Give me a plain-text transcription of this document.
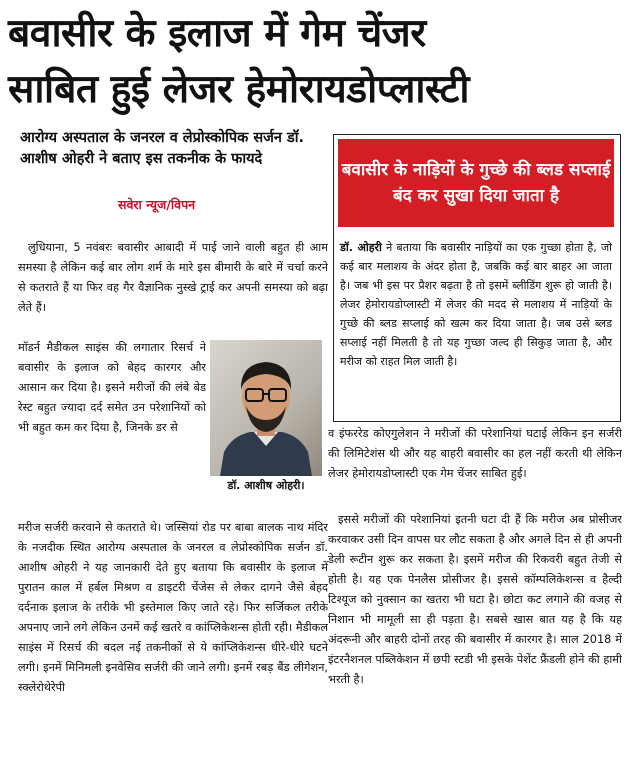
बवासीर के इलाज में गेम चेंजर
साबित हुई लेजर हेमोरायडोप्लास्टी

आरोग्य अस्पताल के जनरल व लेप्रोस्कोपिक सर्जन डॉ. आशीष ओहरी ने बताए इस तकनीक के फायदे

सवेरा न्यूज/विपन

लुधियाना, 5 नवंबरः बवासीर आबादी में पाई जाने वाली बहुत ही आम समस्या है लेकिन कई बार लोग शर्म के मारे इस बीमारी के बारे में चर्चा करने से कतराते हैं या फिर वह गैर वैज्ञानिक नुस्खे ट्राई कर अपनी समस्या को बढ़ा लेते हैं।

मॉडर्न मैडीकल साइंस की लगातार रिसर्च ने बवासीर के इलाज को बेहद कारगर और आसान कर दिया है। इसने मरीजों की लंबे बेड रेस्ट बहुत ज्यादा दर्द समेत उन परेशानियों को भी बहुत कम कर दिया है, जिनके डर से

डॉ. आशीष ओहरी।

मरीज सर्जरी करवाने से कतराते थे। जस्सियां रोड पर बाबा बालक नाथ मंदिर के नजदीक स्थित आरोग्य अस्पताल के जनरल व लेप्रोस्कोपिक सर्जन डॉ. आशीष ओहरी ने यह जानकारी देते हुए बताया कि बवासीर के इलाज में पुरातन काल में हर्बल मिश्रण व डाइटरी चेंजेस से लेकर दागने जैसे बेहद दर्दनाक इलाज के तरीके भी इस्तेमाल किए जाते रहे। फिर सर्जिकल तरीके अपनाए जाने लगे लेकिन उनमें कई खतरे व कांप्लिकेशन्स होती रही। मैडीकल साइंस में रिसर्च की बदल नई तकनीकों से ये कांप्लिकेशन्स धीरे-धीरे घटने लगी। इनमें मिनिमली इनवेसिव सर्जरी की जाने लगी। इनमें रबड़ बैंड लीगेशन, स्क्लेरोथेरेपी

बवासीर के नाड़ियों के गुच्छे की ब्लड सप्लाई बंद कर सुखा दिया जाता है

डॉ. ओहरी ने बताया कि बवासीर नाड़ियों का एक गुच्छा होता है, जो कई बार मलाशय के अंदर होता है, जबकि कई बार बाहर आ जाता है। जब भी इस पर प्रैशर बढ़ता है तो इसमें ब्लीडिंग शुरू हो जाती है। लेजर हेमोरायडोप्लास्टी में लेजर की मदद से मलाशय में नाड़ियों के गुच्छे की ब्लड सप्लाई को खत्म कर दिया जाता है। जब उसे ब्लड सप्लाई नहीं मिलती है तो यह गुच्छा जल्द ही सिकुड़ जाता है, और मरीज को राहत मिल जाती है।

व इंफररेड कोएगुलेशन ने मरीजों की परेशानियां घटाई लेकिन इन सर्जरी की लिमिटेशंस थी और यह बाहरी बवासीर का हल नहीं करती थी लेकिन लेजर हेमोरायडोप्लास्टी एक गेम चेंजर साबित हुई।

इससे मरीजों की परेशानियां इतनी घटा दी हैं कि मरीज अब प्रोसीजर करवाकर उसी दिन वापस घर लौट सकता है और अगले दिन से ही अपनी डेली रूटीन शुरू कर सकता है। इसमें मरीज की रिकवरी बहुत तेजी से होती है। यह एक पेनलैस प्रोसीजर है। इससे कॉम्पलिकेशन्स व हैल्दी टिश्यूज को नुक्सान का खतरा भी घटा है। छोटा कट लगाने की वजह से निशान भी मामूली सा ही पड़ता है। सबसे खास बात यह है कि यह अंदरूनी और बाहरी दोनों तरह की बवासीर में कारगर है। साल 2018 में इंटरनैशनल पब्लिकेशन में छपी स्टडी भी इसके पेशेंट फ्रैंडली होने की हामी भरती है।
